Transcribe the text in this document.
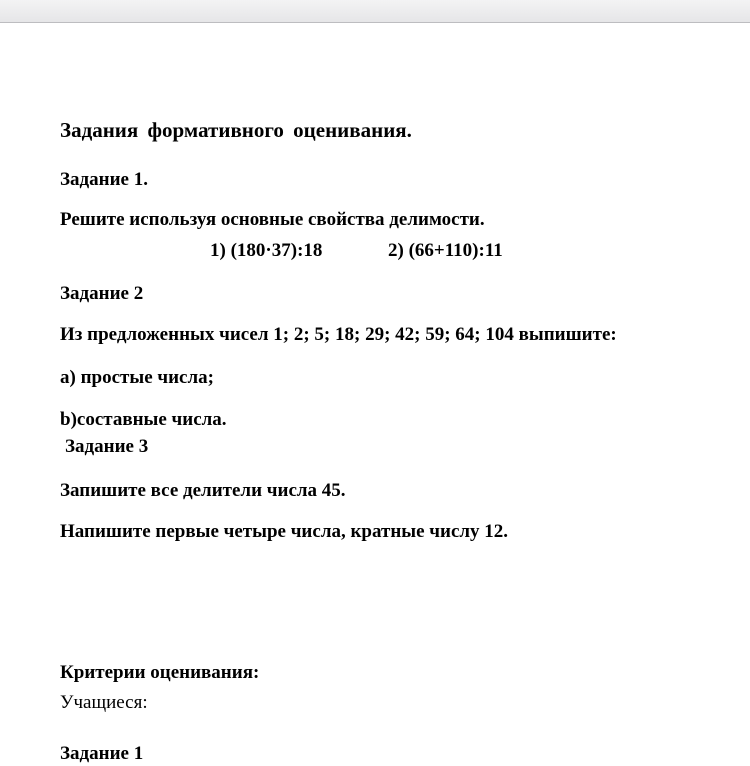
Задания формативного оценивания.
Задание 1.
Решите используя основные свойства делимости.
1) (180·37):18	2) (66+110):11
Задание 2
Из предложенных чисел 1; 2; 5; 18; 29; 42; 59; 64; 104 выпишите:
а) простые числа;
b)составные числа.
Задание 3
Запишите все делители числа 45.
Напишите первые четыре числа, кратные числу 12.
Критерии оценивания:
Учащиеся:
Задание 1
